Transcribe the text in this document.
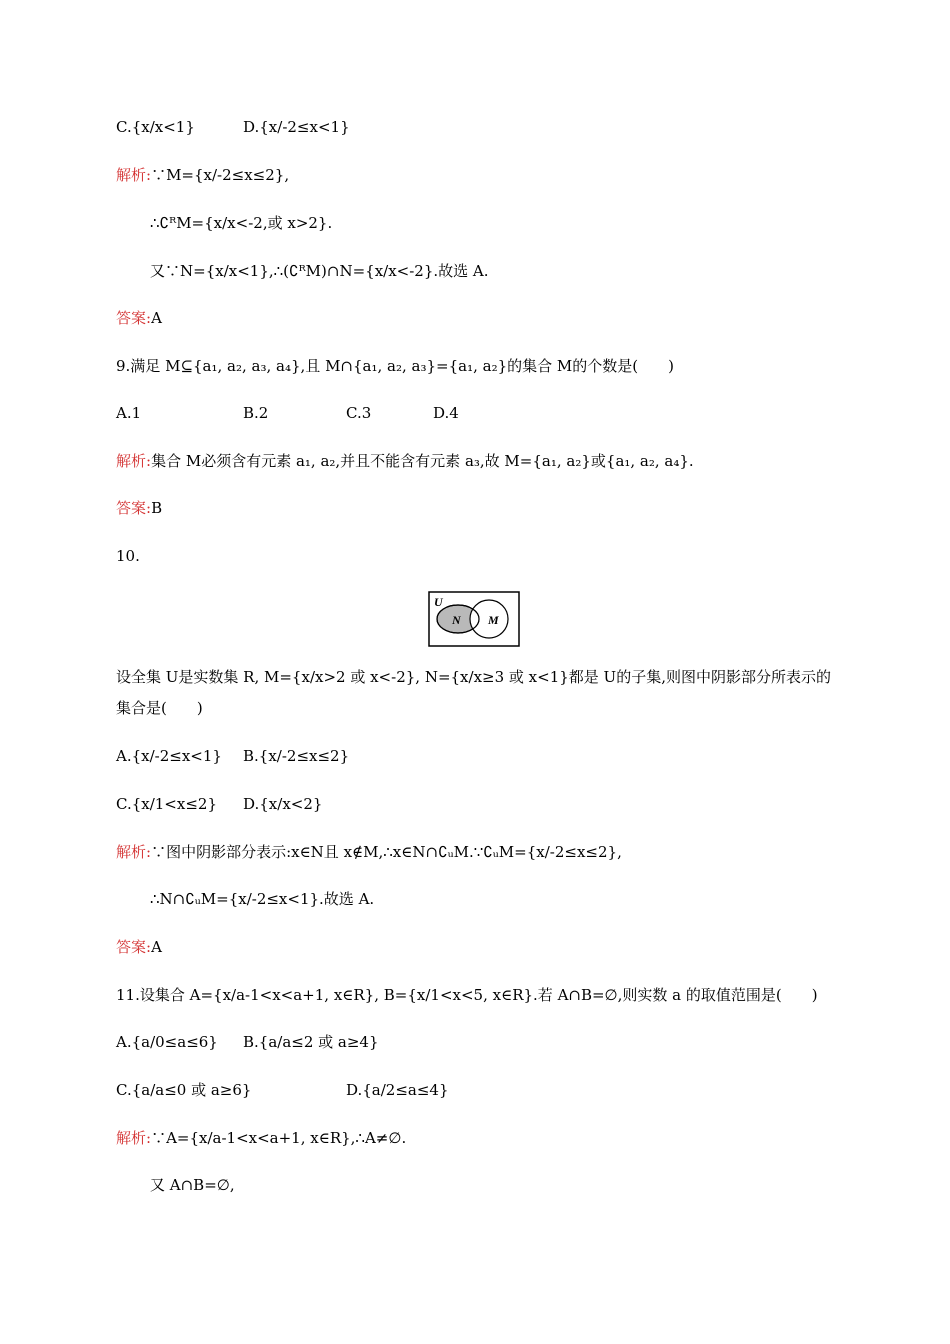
C.{x/x<1}	D.{x/-2≤x<1}
解析:∵M={x/-2≤x≤2},
∴∁ᴿM={x/x<-2,或 x>2}.
又∵N={x/x<1},∴(∁ᴿM)∩N={x/x<-2}.故选 A.
答案:A
9.满足 M⊆{a₁, a₂, a₃, a₄},且 M∩{a₁, a₂, a₃}={a₁, a₂}的集合 M的个数是(　　)
A.1	B.2	C.3	D.4
解析:集合 M必须含有元素 a₁, a₂,并且不能含有元素 a₃,故 M={a₁, a₂}或{a₁, a₂, a₄}.
答案:B
10.
U
N M
设全集 U是实数集 R, M={x/x>2 或 x<-2}, N={x/x≥3 或 x<1}都是 U的子集,则图中阴影部分所表示的
集合是(　　)
A.{x/-2≤x<1} B.{x/-2≤x≤2}
C.{x/1<x≤2} D.{x/x<2}
解析:∵图中阴影部分表示:x∈N且 x∉M,∴x∈N∩∁ᵤM.∵∁ᵤM={x/-2≤x≤2},
∴N∩∁ᵤM={x/-2≤x<1}.故选 A.
答案:A
11.设集合 A={x/a-1<x<a+1, x∈R}, B={x/1<x<5, x∈R}.若 A∩B=∅,则实数 a 的取值范围是(　　)
A.{a/0≤a≤6} B.{a/a≤2 或 a≥4}
C.{a/a≤0 或 a≥6}	D.{a/2≤a≤4}
解析:∵A={x/a-1<x<a+1, x∈R},∴A≠∅.
又 A∩B=∅,
